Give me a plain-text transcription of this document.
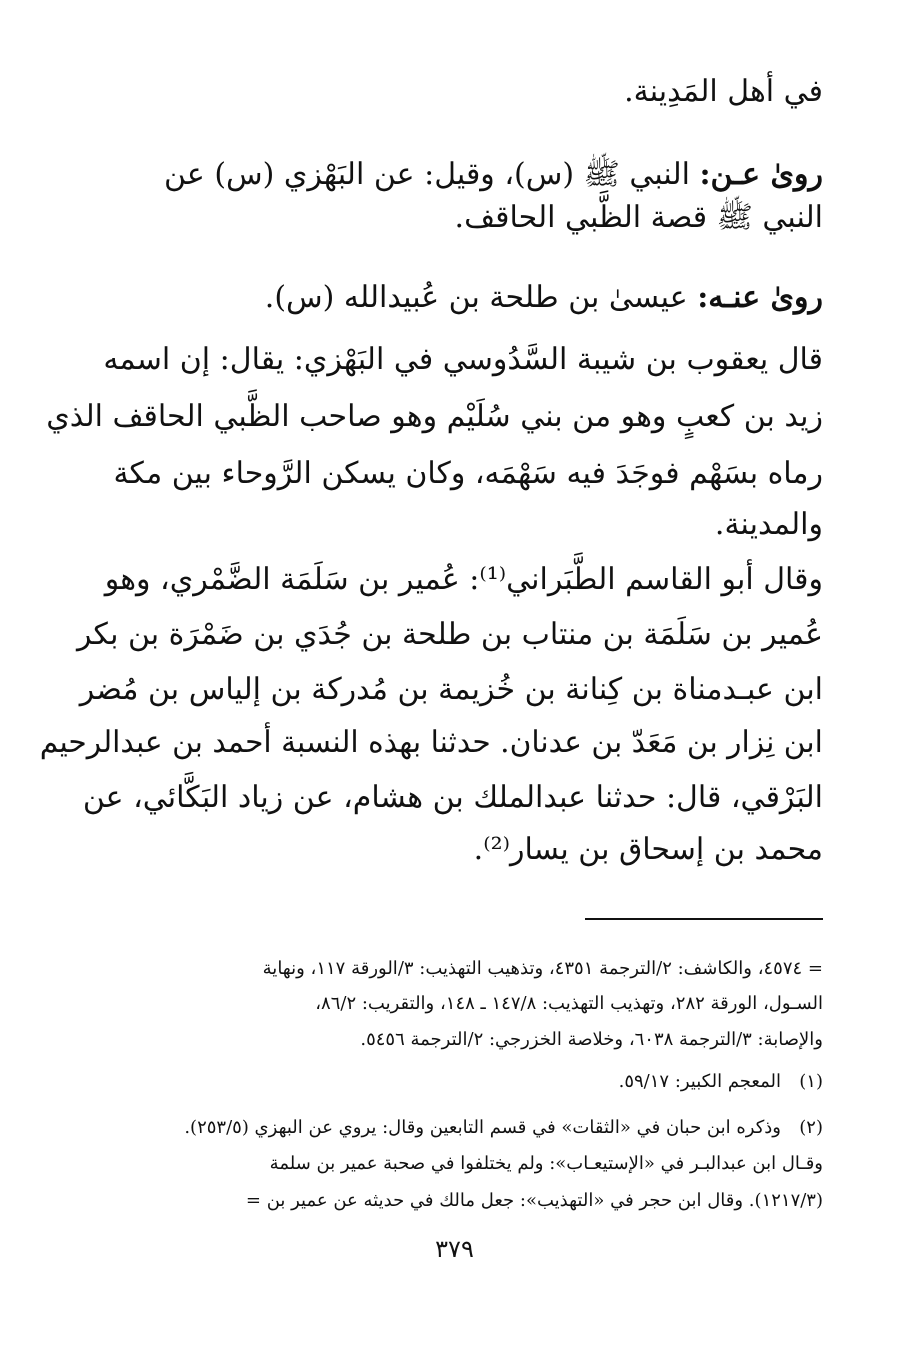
في أهل المَدِينة.
روىٰ عـن: النبي ﷺ (س)، وقيل: عن البَهْزي (س) عن
النبي ﷺ قصة الظَّبي الحاقف.
روىٰ عنـه: عيسىٰ بن طلحة بن عُبيدالله (س).
قال يعقوب بن شيبة السَّدُوسي في البَهْزي: يقال: إن اسمه
زيد بن كعبٍ وهو من بني سُلَيْم وهو صاحب الظَّبي الحاقف الذي
رماه بسَهْم فوجَدَ فيه سَهْمَه، وكان يسكن الرَّوحاء بين مكة
والمدينة.
وقال أبو القاسم الطَّبَراني⁽¹⁾: عُمير بن سَلَمَة الضَّمْري، وهو
عُمير بن سَلَمَة بن منتاب بن طلحة بن جُدَي بن ضَمْرَة بن بكر
ابن عبـدمناة بن كِنانة بن خُزيمة بن مُدركة بن إلياس بن مُضر
ابن نِزار بن مَعَدّ بن عدنان. حدثنا بهذه النسبة أحمد بن عبدالرحيم
البَرْقي، قال: حدثنا عبدالملك بن هشام، عن زياد البَكَّائي، عن
محمد بن إسحاق بن يسار⁽²⁾.
= ٤٥٧٤، والكاشف: ٢/الترجمة ٤٣٥١، وتذهيب التهذيب: ٣/الورقة ١١٧، ونهاية
السـول، الورقة ٢٨٢، وتهذيب التهذيب: ١٤٧/٨ ـ ١٤٨، والتقريب: ٨٦/٢،
والإصابة: ٣/الترجمة ٦٠٣٨، وخلاصة الخزرجي: ٢/الترجمة ٥٤٥٦.
(١)المعجم الكبير: ٥٩/١٧.
(٢)وذكره ابن حبان في «الثقات» في قسم التابعين وقال: يروي عن البهزي (٢٥٣/٥).
وقـال ابن عبدالبـر في «الإستيعـاب»: ولم يختلفوا في صحبة عمير بن سلمة
(١٢١٧/٣). وقال ابن حجر في «التهذيب»: جعل مالك في حديثه عن عمير بن =
٣٧٩
